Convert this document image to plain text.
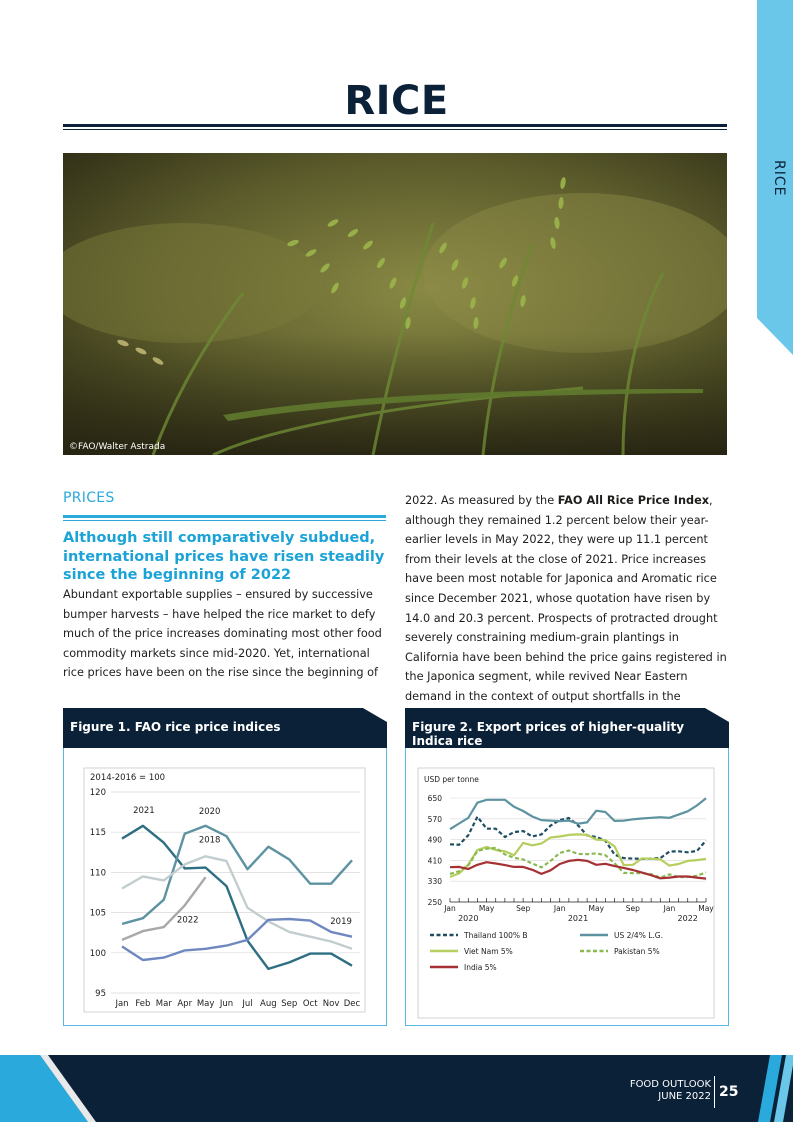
RICE
RICE
©FAO/Walter Astrada
PRICES
Although still comparatively subdued, international prices have risen steadily since the beginning of 2022
Abundant exportable supplies – ensured by successive bumper harvests – have helped the rice market to defy much of the price increases dominating most other food commodity markets since mid-2020. Yet, international rice prices have been on the rise since the beginning of
2022. As measured by the FAO All Rice Price Index, although they remained 1.2 percent below their year-earlier levels in May 2022, they were up 11.1 percent from their levels at the close of 2021. Price increases have been most notable for Japonica and Aromatic rice since December 2021, whose quotation have risen by 14.0 and 20.3 percent. Prospects of protracted drought severely constraining medium-grain plantings in California have been behind the price gains registered in the Japonica segment, while revived Near Eastern demand in the context of output shortfalls in the
Figure 1. FAO rice price indices
2014-2016 = 100
95
100
105
110
115
120
Jan Feb Mar Apr May Jun Jul Aug Sep Oct Nov Dec
2021	2020
2018
2019
2022
Figure 2. Export prices of higher-quality Indica rice
USD per tonne
250
330
410
490
570
650
Jan	May	Sep	Jan	May	Sep	Jan	May
2020	2021	2022
Thailand 100% B	US 2/4% L.G.
Viet Nam 5%	Pakistan 5%
India 5%
FOOD OUTLOOK
JUNE 2022 25
